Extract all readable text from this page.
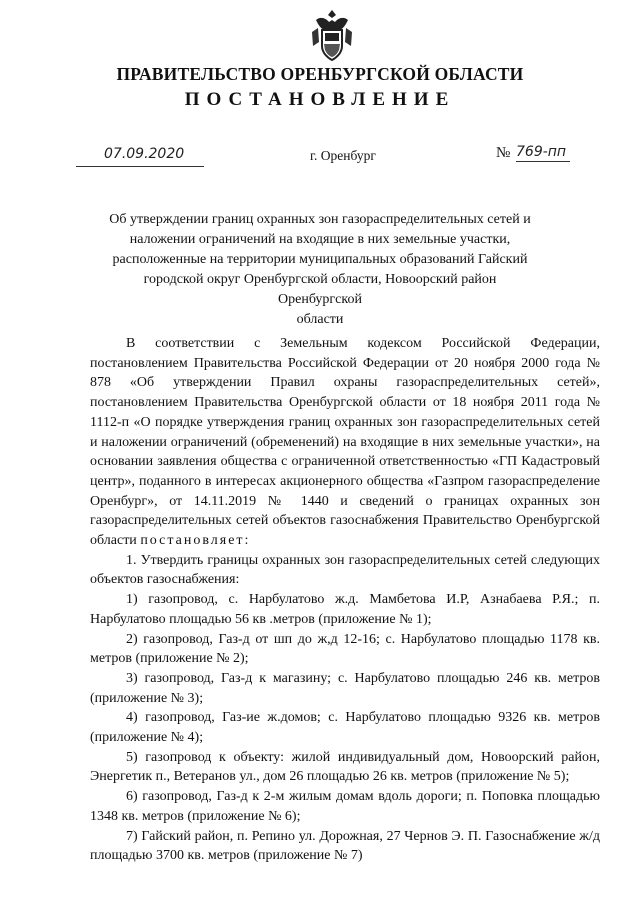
ПРАВИТЕЛЬСТВО ОРЕНБУРГСКОЙ ОБЛАСТИ
ПОСТАНОВЛЕНИЕ
07.09.2020	г. Оренбург	№ 769-пп
Об утверждении границ охранных зон газораспределительных сетей и
наложении ограничений на входящие в них земельные участки,
расположенные на территории муниципальных образований Гайский
городской округ Оренбургской области, Новоорский район Оренбургской
области

В соответствии с Земельным кодексом Российской Федерации, постановлением Правительства Российской Федерации от 20 ноября 2000 года № 878 «Об утверждении Правил охраны газораспределительных сетей», постановлением Правительства Оренбургской области от 18 ноября 2011 года № 1112-п «О порядке утверждения границ охранных зон газораспределительных сетей и наложении ограничений (обременений) на входящие в них земельные участки», на основании заявления общества с ограниченной ответственностью «ГП Кадастровый центр», поданного в интересах акционерного общества «Газпром газораспределение Оренбург», от 14.11.2019 № 1440 и сведений о границах охранных зон газораспределительных сетей объектов газоснабжения Правительство Оренбургской области постановляет:

1. Утвердить границы охранных зон газораспределительных сетей следующих объектов газоснабжения:

1) газопровод, с. Нарбулатово ж.д. Мамбетова И.Р, Азнабаева Р.Я.; п. Нарбулатово площадью 56 кв .метров (приложение № 1);

2) газопровод, Газ-д от шп до ж,д 12-16; с. Нарбулатово площадью 1178 кв. метров (приложение № 2);

3) газопровод, Газ-д к магазину; с. Нарбулатово площадью 246 кв. метров (приложение № 3);

4) газопровод, Газ-ие ж.домов; с. Нарбулатово площадью 9326 кв. метров (приложение № 4);

5) газопровод к объекту: жилой индивидуальный дом, Новоорский район, Энергетик п., Ветеранов ул., дом 26 площадью 26 кв. метров (приложение № 5);

6) газопровод, Газ-д к 2-м жилым домам вдоль дороги; п. Поповка площадью 1348 кв. метров (приложение № 6);

7) Гайский район, п. Репино ул. Дорожная, 27 Чернов Э. П. Газоснабжение ж/д площадью 3700 кв. метров (приложение № 7)
